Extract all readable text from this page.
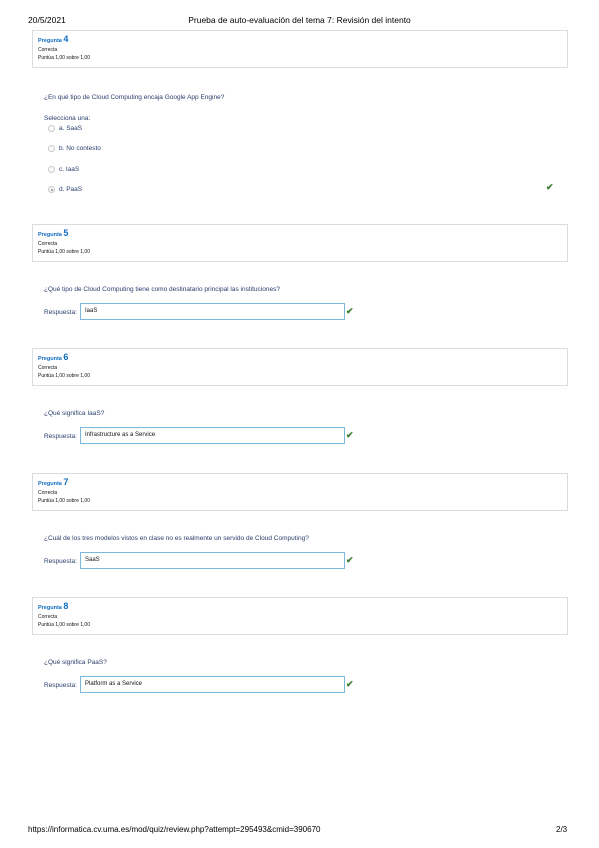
20/5/2021	Prueba de auto-evaluación del tema 7: Revisión del intento
Pregunta 4
Correcta
Puntúa 1,00 sobre 1,00
¿En qué tipo de Cloud Computing encaja Google App Engine?
Selecciona una:
a. SaaS
b. No contesto
c. IaaS
d. PaaS	✔
Pregunta 5
Correcta
Puntúa 1,00 sobre 1,00
¿Qué tipo de Cloud Computing tiene como destinatario principal las instituciones?
Respuesta:	IaaS	✔
Pregunta 6
Correcta
Puntúa 1,00 sobre 1,00
¿Qué significa IaaS?
Respuesta:	Infrastructure as a Service	✔
Pregunta 7
Correcta
Puntúa 1,00 sobre 1,00
¿Cuál de los tres modelos vistos en clase no es realmente un servido de Cloud Computing?
Respuesta:	SaaS	✔
Pregunta 8
Correcta
Puntúa 1,00 sobre 1,00
¿Qué significa PaaS?
Respuesta:	Platform as a Service	✔
https://informatica.cv.uma.es/mod/quiz/review.php?attempt=295493&cmid=390670	2/3
